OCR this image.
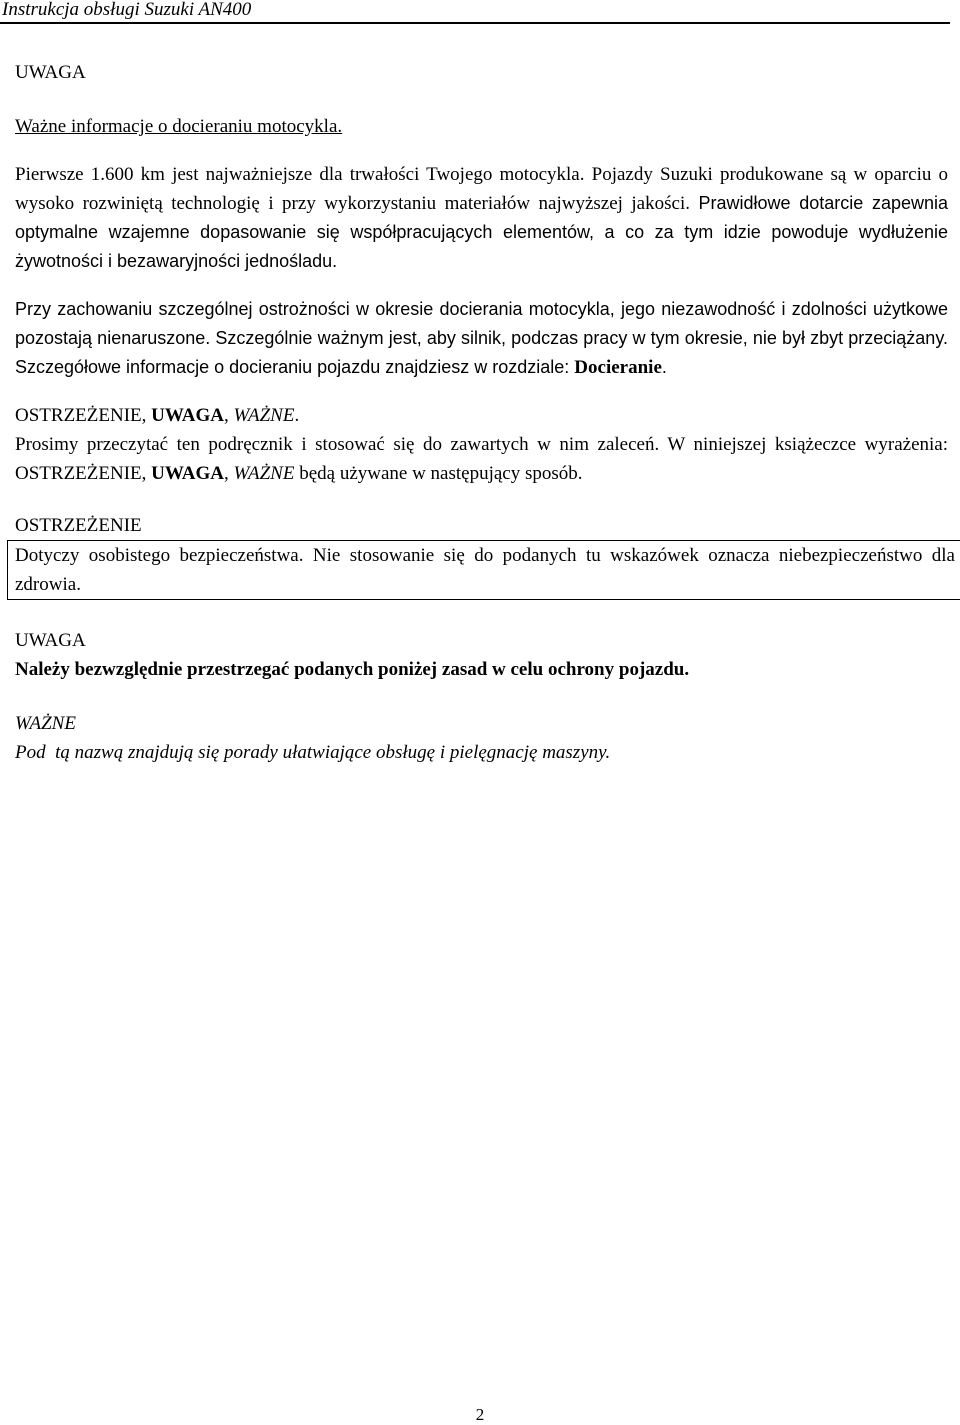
Instrukcja obsługi Suzuki AN400

UWAGA

Ważne informacje o docieraniu motocykla.

Pierwsze 1.600 km jest najważniejsze dla trwałości Twojego motocykla. Pojazdy Suzuki produkowane są w oparciu o wysoko rozwiniętą technologię i przy wykorzystaniu materiałów najwyższej jakości. Prawidłowe dotarcie zapewnia optymalne wzajemne dopasowanie się współpracujących elementów, a co za tym idzie powoduje wydłużenie żywotności i bezawaryjności jednośladu.

Przy zachowaniu szczególnej ostrożności w okresie docierania motocykla, jego niezawodność i zdolności użytkowe pozostają nienaruszone. Szczególnie ważnym jest, aby silnik, podczas pracy w tym okresie, nie był zbyt przeciążany. Szczegółowe informacje o docieraniu pojazdu znajdziesz w rozdziale: Docieranie.

OSTRZEŻENIE, UWAGA, WAŻNE.

Prosimy przeczytać ten podręcznik i stosować się do zawartych w nim zaleceń. W niniejszej książeczce wyrażenia: OSTRZEŻENIE, UWAGA, WAŻNE będą używane w następujący sposób.

OSTRZEŻENIE

Dotyczy osobistego bezpieczeństwa. Nie stosowanie się do podanych tu wskazówek oznacza niebezpieczeństwo dla zdrowia.

UWAGA

Należy bezwzględnie przestrzegać podanych poniżej zasad w celu ochrony pojazdu.

WAŻNE

Pod  tą nazwą znajdują się porady ułatwiające obsługę i pielęgnację maszyny.

2
